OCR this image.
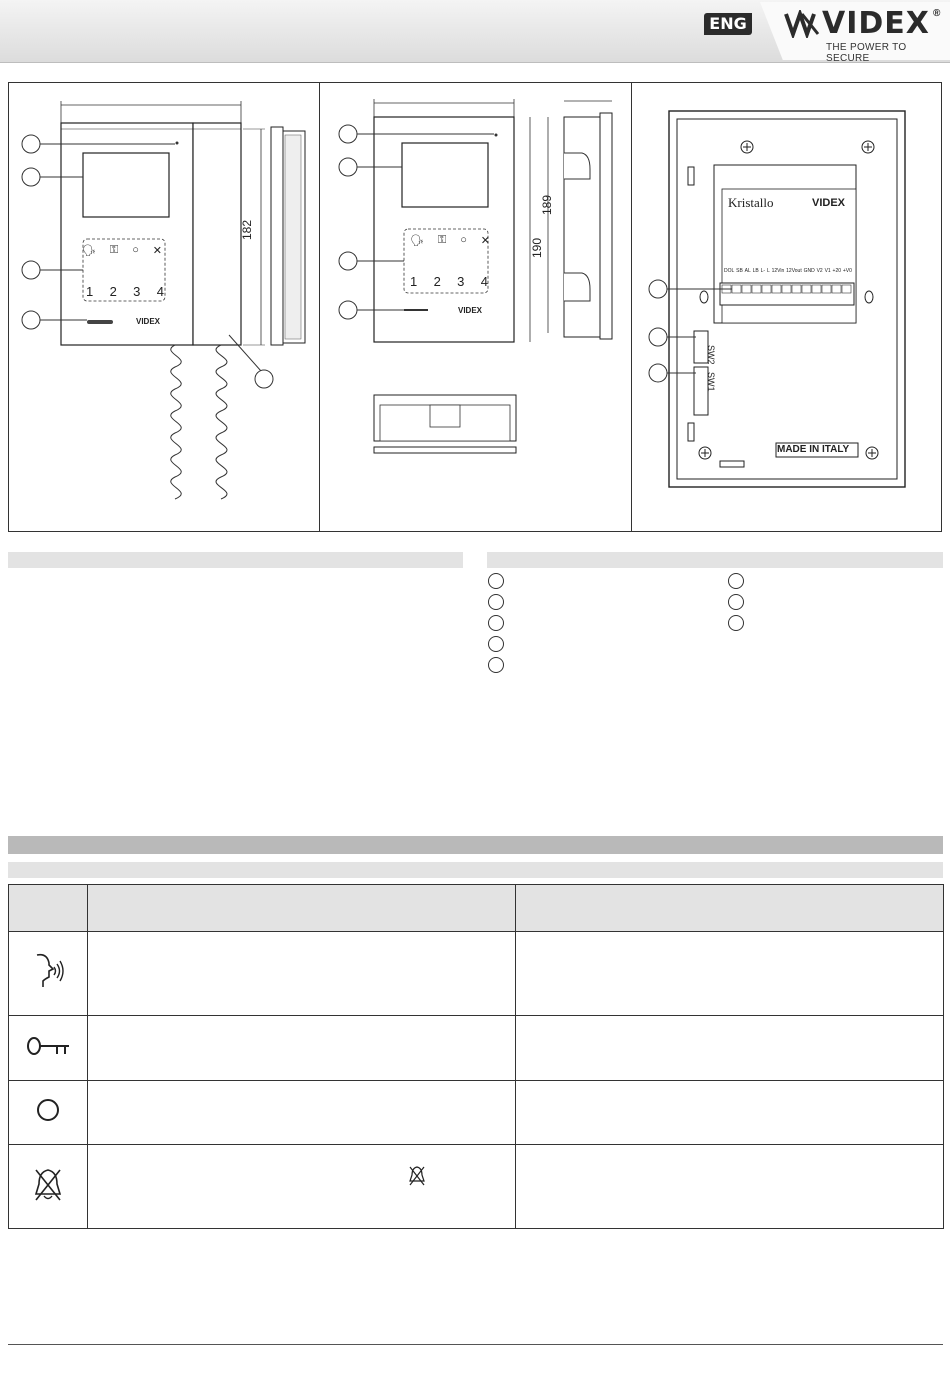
ENG	VIDEX ®
THE POWER TO SECURE
182
🗣︎ ⚿ ○ ✕
1 2 3 4
VIDEX
190
189
🗣︎ ⚿ ○ ✕
1 2 3 4
VIDEX
Kristallo	VIDEX
DOL SB AL LB L- L 12Vin 12Vout GND V2 V1 +20 +V0
SW2
SW1
MADE IN ITALY
